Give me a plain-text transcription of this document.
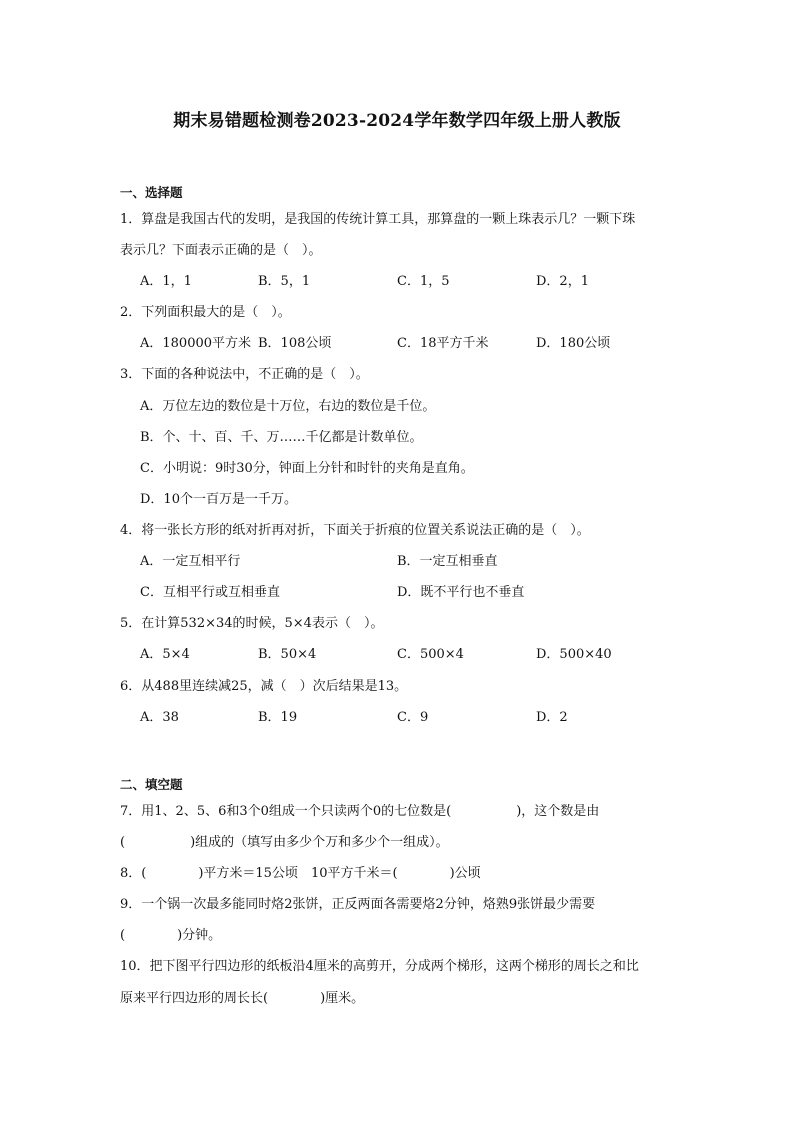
期末易错题检测卷2023-2024学年数学四年级上册人教版
一、选择题
1．算盘是我国古代的发明，是我国的传统计算工具，那算盘的一颗上珠表示几？一颗下珠
表示几？下面表示正确的是（　）。
A．1，1	B．5，1	C．1，5	D．2，1
2．下列面积最大的是（　）。
A．180000平方米 B．108公顷	C．18平方千米	D．180公顷
3．下面的各种说法中，不正确的是（　）。
A．万位左边的数位是十万位，右边的数位是千位。
B．个、十、百、千、万……千亿都是计数单位。
C．小明说：9时30分，钟面上分针和时针的夹角是直角。
D．10个一百万是一千万。
4．将一张长方形的纸对折再对折，下面关于折痕的位置关系说法正确的是（　）。
A．一定互相平行	B．一定互相垂直
C．互相平行或互相垂直	D．既不平行也不垂直
5．在计算532×34的时候，5×4表示（　）。
A．5×4	B．50×4	C．500×4	D．500×40
6．从488里连续减25，减（　）次后结果是13。
A．38	B．19	C．9	D．2
二、填空题
7．用1、2、5、6和3个0组成一个只读两个0的七位数是(　　　　　)，这个数是由
(　　　　　)组成的（填写由多少个万和多少个一组成）。
8．(　　　　)平方米＝15公顷　10平方千米＝(　　　　)公顷
9．一个锅一次最多能同时烙2张饼，正反两面各需要烙2分钟，烙熟9张饼最少需要
(　　　　)分钟。
10．把下图平行四边形的纸板沿4厘米的高剪开，分成两个梯形，这两个梯形的周长之和比
原来平行四边形的周长长(　　　　)厘米。
